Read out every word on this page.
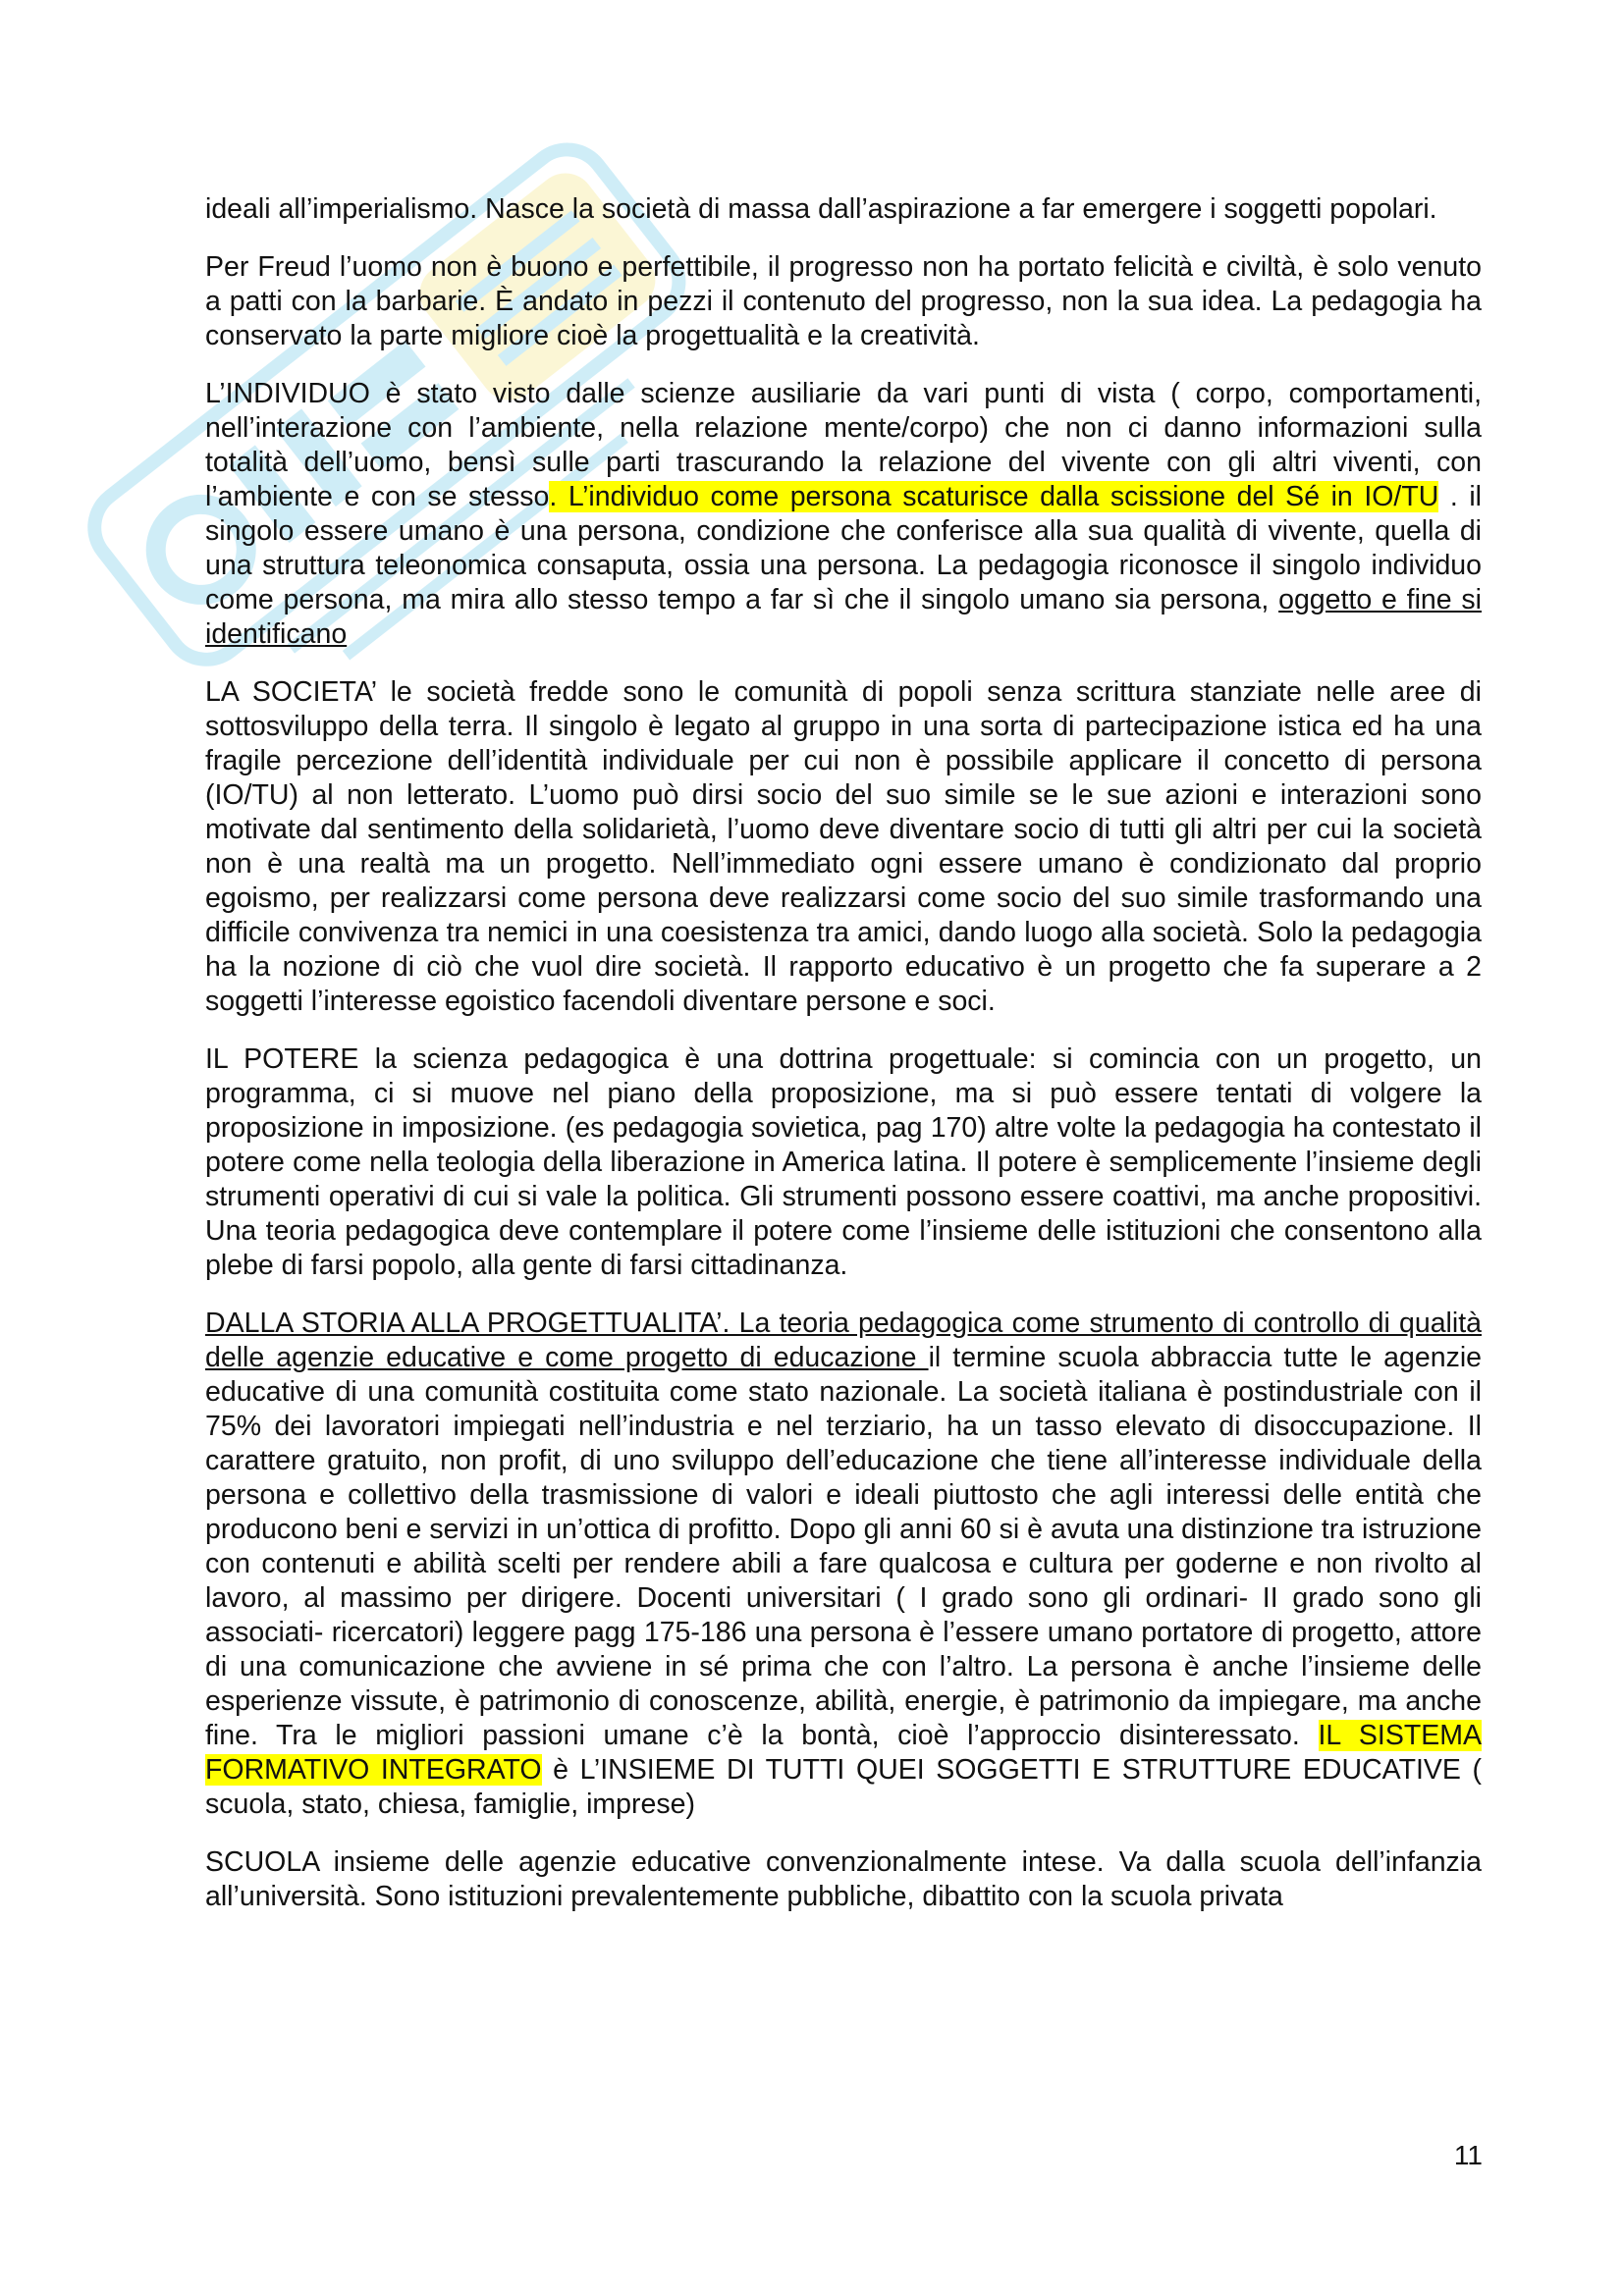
ideali all’imperialismo. Nasce la società di massa dall’aspirazione a far emergere i soggetti popolari.

Per Freud l’uomo non è buono e perfettibile, il progresso non ha portato felicità e civiltà, è solo venuto a patti con la barbarie. È andato in pezzi il contenuto del progresso, non la sua idea. La pedagogia ha conservato la parte migliore cioè la progettualità e la creatività.

L’INDIVIDUO è stato visto dalle scienze ausiliarie da vari punti di vista ( corpo, comportamenti, nell’interazione con l’ambiente, nella relazione mente/corpo) che non ci danno informazioni sulla totalità dell’uomo, bensì sulle parti trascurando la relazione del vivente con gli altri viventi, con l’ambiente e con se stesso. L’individuo come persona scaturisce dalla scissione del Sé in IO/TU . il singolo essere umano è una persona, condizione che conferisce alla sua qualità di vivente, quella di una struttura teleonomica consaputa, ossia una persona. La pedagogia riconosce il singolo individuo come persona, ma mira allo stesso tempo a far sì che il singolo umano sia persona, oggetto e fine si identificano

LA SOCIETA’ le società fredde sono le comunità di popoli senza scrittura stanziate nelle aree di sottosviluppo della terra. Il singolo è legato al gruppo in una sorta di partecipazione istica ed ha una fragile percezione dell’identità individuale per cui non è possibile applicare il concetto di persona (IO/TU) al non letterato. L’uomo può dirsi socio del suo simile se le sue azioni e interazioni sono motivate dal sentimento della solidarietà, l’uomo deve diventare socio di tutti gli altri per cui la società non è una realtà ma un progetto. Nell’immediato ogni essere umano è condizionato dal proprio egoismo, per realizzarsi come persona deve realizzarsi come socio del suo simile trasformando una difficile convivenza tra nemici in una coesistenza tra amici, dando luogo alla società. Solo la pedagogia ha la nozione di ciò che vuol dire società. Il rapporto educativo è un progetto che fa superare a 2 soggetti l’interesse egoistico facendoli diventare persone e soci.

IL POTERE la scienza pedagogica è una dottrina progettuale: si comincia con un progetto, un programma, ci si muove nel piano della proposizione, ma si può essere tentati di volgere la proposizione in imposizione. (es pedagogia sovietica, pag 170) altre volte la pedagogia ha contestato il potere come nella teologia della liberazione in America latina. Il potere è semplicemente l’insieme degli strumenti operativi di cui si vale la politica. Gli strumenti possono essere coattivi, ma anche propositivi. Una teoria pedagogica deve contemplare il potere come l’insieme delle istituzioni che consentono alla plebe di farsi popolo, alla gente di farsi cittadinanza.

DALLA STORIA ALLA PROGETTUALITA’. La teoria pedagogica come strumento di controllo di qualità delle agenzie educative e come progetto di educazione il termine scuola abbraccia tutte le agenzie educative di una comunità costituita come stato nazionale. La società italiana è postindustriale con il 75% dei lavoratori impiegati nell’industria e nel terziario, ha un tasso elevato di disoccupazione. Il carattere gratuito, non profit, di uno sviluppo dell’educazione che tiene all’interesse individuale della persona e collettivo della trasmissione di valori e ideali piuttosto che agli interessi delle entità che producono beni e servizi in un’ottica di profitto. Dopo gli anni 60 si è avuta una distinzione tra istruzione con contenuti e abilità scelti per rendere abili a fare qualcosa e cultura per goderne e non rivolto al lavoro, al massimo per dirigere. Docenti universitari ( I grado sono gli ordinari- II grado sono gli associati- ricercatori) leggere pagg 175-186 una persona è l’essere umano portatore di progetto, attore di una comunicazione che avviene in sé prima che con l’altro. La persona è anche l’insieme delle esperienze vissute, è patrimonio di conoscenze, abilità, energie, è patrimonio da impiegare, ma anche fine. Tra le migliori passioni umane c’è la bontà, cioè l’approccio disinteressato. IL SISTEMA FORMATIVO INTEGRATO è L’INSIEME DI TUTTI QUEI SOGGETTI E STRUTTURE EDUCATIVE ( scuola, stato, chiesa, famiglie, imprese)

SCUOLA insieme delle agenzie educative convenzionalmente intese. Va dalla scuola dell’infanzia all’università. Sono istituzioni prevalentemente pubbliche, dibattito con la scuola privata

11
